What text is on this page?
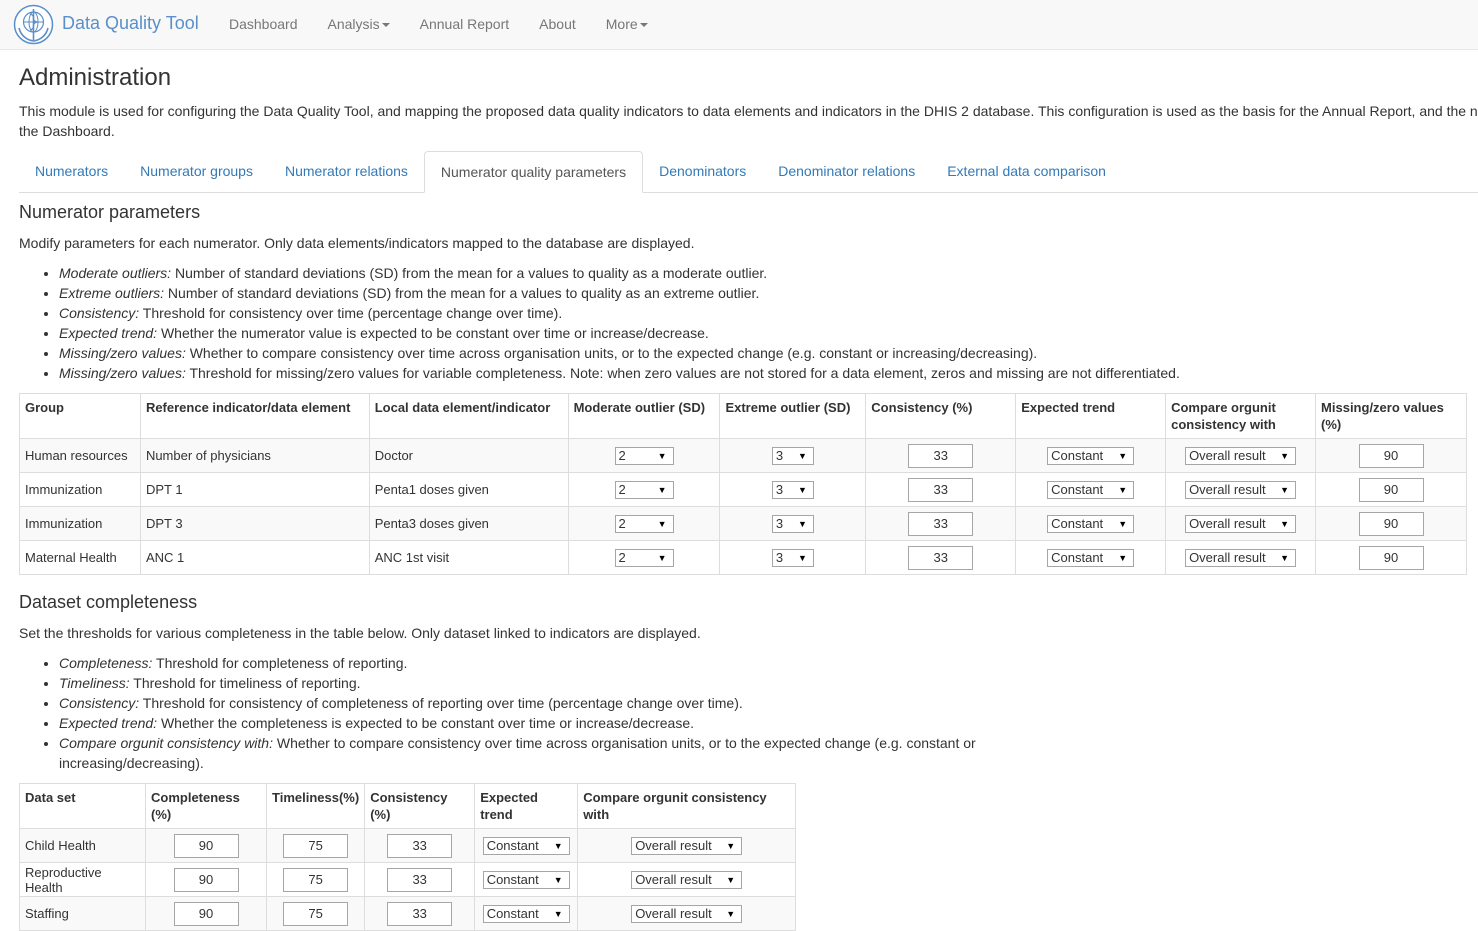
Data Quality Tool	Dashboard	Analysis	Annual Report	About	More
Administration
This module is used for configuring the Data Quality Tool, and mapping the proposed data quality indicators to data elements and indicators in the DHIS 2 database. This configuration is used as the basis for the Annual Report, and the n the Dashboard.
Numerators	Numerator groups	Numerator relations	Numerator quality parameters	Denominators	Denominator relations	External data comparison
Numerator parameters

Modify parameters for each numerator. Only data elements/indicators mapped to the database are displayed.

• Moderate outliers: Number of standard deviations (SD) from the mean for a values to quality as a moderate outlier.
• Extreme outliers: Number of standard deviations (SD) from the mean for a values to quality as an extreme outlier.
• Consistency: Threshold for consistency over time (percentage change over time).
• Expected trend: Whether the numerator value is expected to be constant over time or increase/decrease.
• Missing/zero values: Whether to compare consistency over time across organisation units, or to the expected change (e.g. constant or increasing/decreasing).
• Missing/zero values: Threshold for missing/zero values for variable completeness. Note: when zero values are not stored for a data element, zeros and missing are not differentiated.
Group	Reference indicator/data element	Local data element/indicator	Moderate outlier (SD)	Extreme outlier (SD)	Consistency (%)	Expected trend	Compare orgunit consistency with	Missing/zero values (%)
Human resources	Number of physicians	Doctor	2 ▼	3 ▼	33	Constant ▼	Overall result ▼	90
Immunization	DPT 1	Penta1 doses given	2 ▼	3 ▼	33	Constant ▼	Overall result ▼	90
Immunization	DPT 3	Penta3 doses given	2 ▼	3 ▼	33	Constant ▼	Overall result ▼	90
Maternal Health	ANC 1	ANC 1st visit	2 ▼	3 ▼	33	Constant ▼	Overall result ▼	90
Dataset completeness

Set the thresholds for various completeness in the table below. Only dataset linked to indicators are displayed.

• Completeness: Threshold for completeness of reporting.
• Timeliness: Threshold for timeliness of reporting.
• Consistency: Threshold for consistency of completeness of reporting over time (percentage change over time).
• Expected trend: Whether the completeness is expected to be constant over time or increase/decrease.
• Compare orgunit consistency with: Whether to compare consistency over time across organisation units, or to the expected change (e.g. constant or increasing/decreasing).
Data set	Completeness (%)	Timeliness(%)	Consistency (%)	Expected trend	Compare orgunit consistency with
Child Health	90	75	33	Constant ▼	Overall result ▼

Reproductive Health	90	75	33	Constant ▼	Overall result ▼

Staffing	90	75	33	Constant ▼	Overall result ▼
